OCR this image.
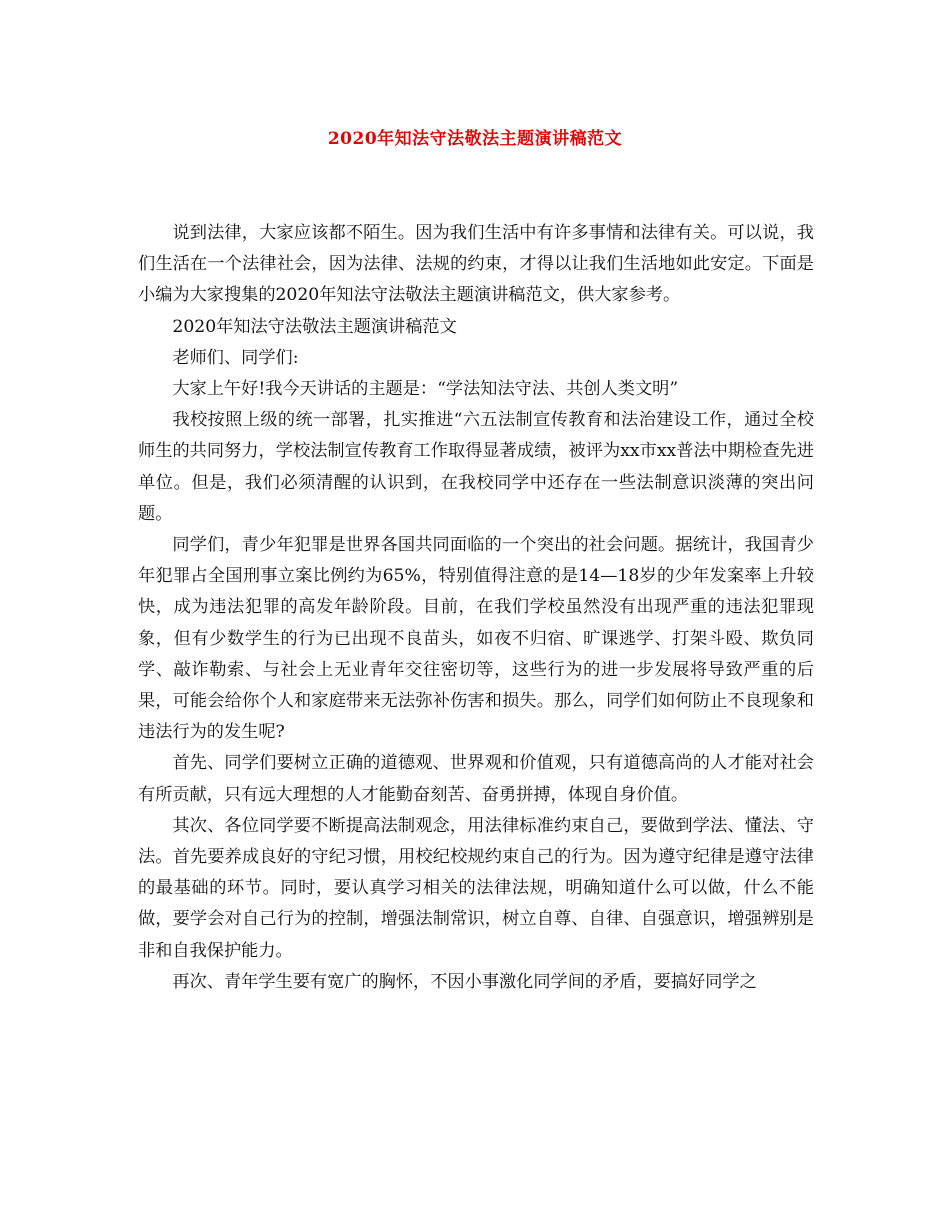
2020年知法守法敬法主题演讲稿范文

说到法律，大家应该都不陌生。因为我们生活中有许多事情和法律有关。可以说，我们生活在一个法律社会，因为法律、法规的约束，才得以让我们生活地如此安定。下面是小编为大家搜集的2020年知法守法敬法主题演讲稿范文，供大家参考。

2020年知法守法敬法主题演讲稿范文

老师们、同学们:

大家上午好!我今天讲话的主题是：“学法知法守法、共创人类文明”

我校按照上级的统一部署，扎实推进“六五法制宣传教育和法治建设工作，通过全校师生的共同努力，学校法制宣传教育工作取得显著成绩，被评为xx市xx普法中期检查先进单位。但是，我们必须清醒的认识到，在我校同学中还存在一些法制意识淡薄的突出问题。

同学们，青少年犯罪是世界各国共同面临的一个突出的社会问题。据统计，我国青少年犯罪占全国刑事立案比例约为65%，特别值得注意的是14—18岁的少年发案率上升较快，成为违法犯罪的高发年龄阶段。目前，在我们学校虽然没有出现严重的违法犯罪现象，但有少数学生的行为已出现不良苗头，如夜不归宿、旷课逃学、打架斗殴、欺负同学、敲诈勒索、与社会上无业青年交往密切等，这些行为的进一步发展将导致严重的后果，可能会给你个人和家庭带来无法弥补伤害和损失。那么，同学们如何防止不良现象和违法行为的发生呢?

首先、同学们要树立正确的道德观、世界观和价值观，只有道德高尚的人才能对社会有所贡献，只有远大理想的人才能勤奋刻苦、奋勇拼搏，体现自身价值。

其次、各位同学要不断提高法制观念，用法律标准约束自己，要做到学法、懂法、守法。首先要养成良好的守纪习惯，用校纪校规约束自己的行为。因为遵守纪律是遵守法律的最基础的环节。同时，要认真学习相关的法律法规，明确知道什么可以做，什么不能做，要学会对自己行为的控制，增强法制常识，树立自尊、自律、自强意识，增强辨别是非和自我保护能力。

再次、青年学生要有宽广的胸怀，不因小事激化同学间的矛盾，要搞好同学之
